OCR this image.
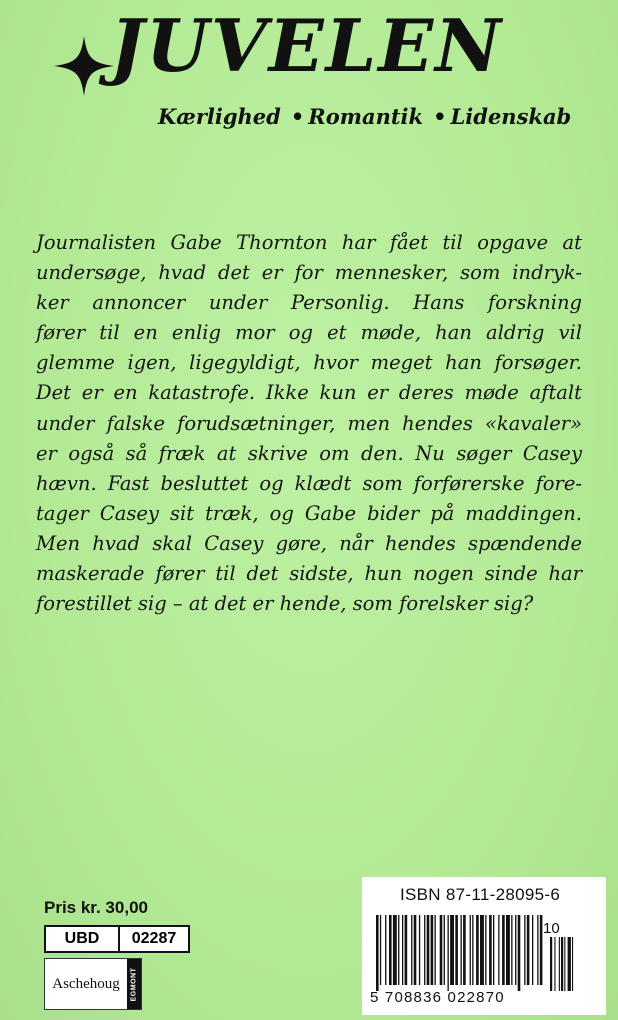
JUVELEN
Kærlighed • Romantik • Lidenskab
Journalisten Gabe Thornton har fået til opgave at
undersøge, hvad det er for mennesker, som indryk-
ker annoncer under Personlig. Hans forskning
fører til en enlig mor og et møde, han aldrig vil
glemme igen, ligegyldigt, hvor meget han forsøger.
Det er en katastrofe. Ikke kun er deres møde aftalt
under falske forudsætninger, men hendes «kavaler»
er også så fræk at skrive om den. Nu søger Casey
hævn. Fast besluttet og klædt som forførerske fore-
tager Casey sit træk, og Gabe bider på maddingen.
Men hvad skal Casey gøre, når hendes spændende
maskerade fører til det sidste, hun nogen sinde har
forestillet sig – at det er hende, som forelsker sig?
Pris kr. 30,00
UBD	02287
Aschehoug	EGMONT
ISBN 87-11-28095-6
10
5 708836 022870
